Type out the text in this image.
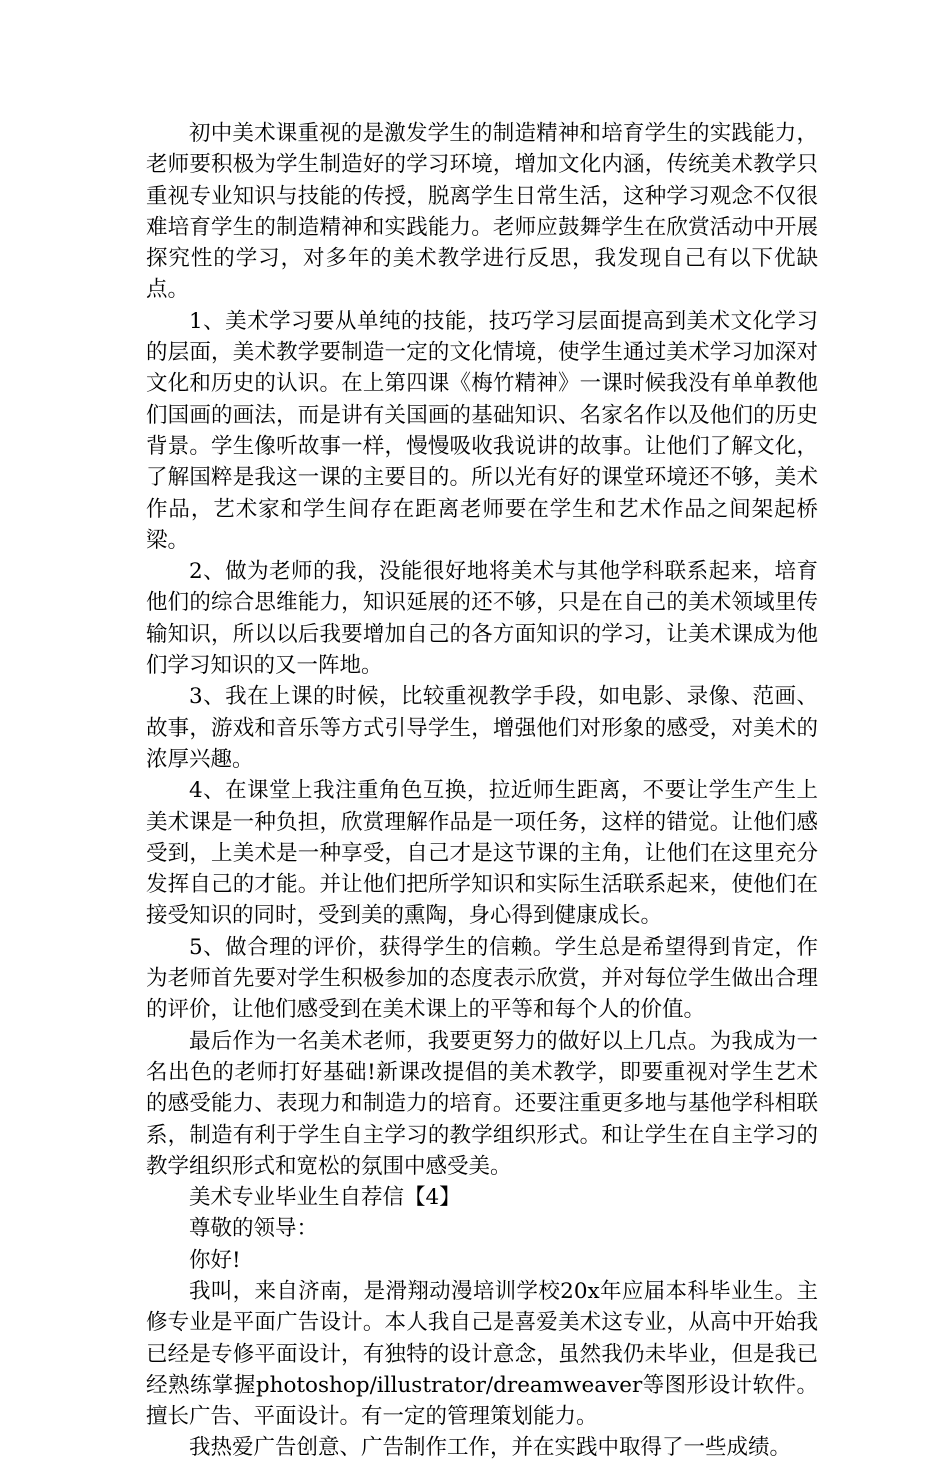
初中美术课重视的是激发学生的制造精神和培育学生的实践能力，老师要积极为学生制造好的学习环境，增加文化内涵，传统美术教学只重视专业知识与技能的传授，脱离学生日常生活，这种学习观念不仅很难培育学生的制造精神和实践能力。老师应鼓舞学生在欣赏活动中开展探究性的学习，对多年的美术教学进行反思，我发现自己有以下优缺点。

1、美术学习要从单纯的技能，技巧学习层面提高到美术文化学习的层面，美术教学要制造一定的文化情境，使学生通过美术学习加深对文化和历史的认识。在上第四课《梅竹精神》一课时候我没有单单教他们国画的画法，而是讲有关国画的基础知识、名家名作以及他们的历史背景。学生像听故事一样，慢慢吸收我说讲的故事。让他们了解文化，了解国粹是我这一课的主要目的。所以光有好的课堂环境还不够，美术作品，艺术家和学生间存在距离老师要在学生和艺术作品之间架起桥梁。

2、做为老师的我，没能很好地将美术与其他学科联系起来，培育他们的综合思维能力，知识延展的还不够，只是在自己的美术领域里传输知识，所以以后我要增加自己的各方面知识的学习，让美术课成为他们学习知识的又一阵地。

3、我在上课的时候，比较重视教学手段，如电影、录像、范画、故事，游戏和音乐等方式引导学生，增强他们对形象的感受，对美术的浓厚兴趣。

4、在课堂上我注重角色互换，拉近师生距离，不要让学生产生上美术课是一种负担，欣赏理解作品是一项任务，这样的错觉。让他们感受到，上美术是一种享受，自己才是这节课的主角，让他们在这里充分发挥自己的才能。并让他们把所学知识和实际生活联系起来，使他们在接受知识的同时，受到美的熏陶，身心得到健康成长。

5、做合理的评价，获得学生的信赖。学生总是希望得到肯定，作为老师首先要对学生积极参加的态度表示欣赏，并对每位学生做出合理的评价，让他们感受到在美术课上的平等和每个人的价值。

最后作为一名美术老师，我要更努力的做好以上几点。为我成为一名出色的老师打好基础!新课改提倡的美术教学，即要重视对学生艺术的感受能力、表现力和制造力的培育。还要注重更多地与基他学科相联系，制造有利于学生自主学习的教学组织形式。和让学生在自主学习的教学组织形式和宽松的氛围中感受美。

美术专业毕业生自荐信【4】

尊敬的领导：

你好!

我叫，来自济南，是滑翔动漫培训学校20x年应届本科毕业生。主修专业是平面广告设计。本人我自己是喜爱美术这专业，从高中开始我已经是专修平面设计，有独特的设计意念，虽然我仍未毕业，但是我已经熟练掌握photoshop/illustrator/dreamweaver等图形设计软件。擅长广告、平面设计。有一定的管理策划能力。

我热爱广告创意、广告制作工作，并在实践中取得了一些成绩。
